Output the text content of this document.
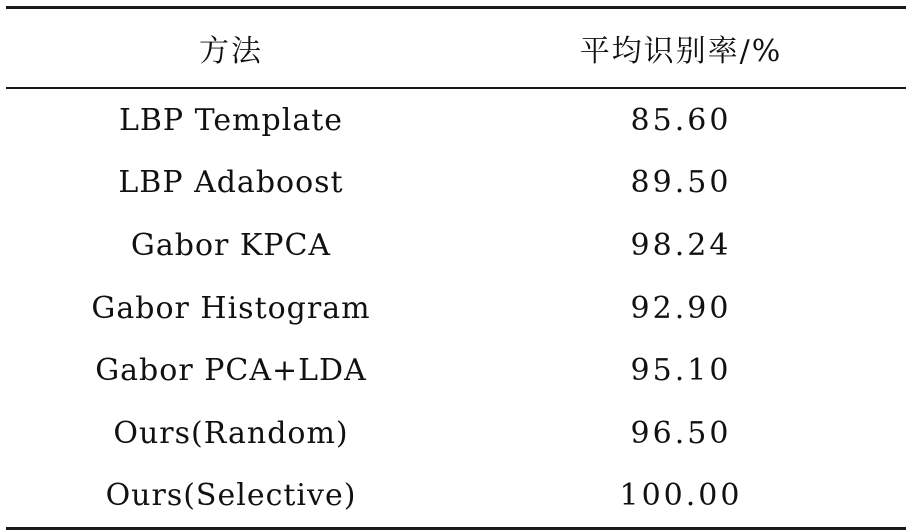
方法	平均识别率/%
LBP Template	85.60
LBP Adaboost	89.50
Gabor KPCA	98.24
Gabor Histogram	92.90
Gabor PCA+LDA	95.10
Ours(Random)	96.50
Ours(Selective)	100.00
